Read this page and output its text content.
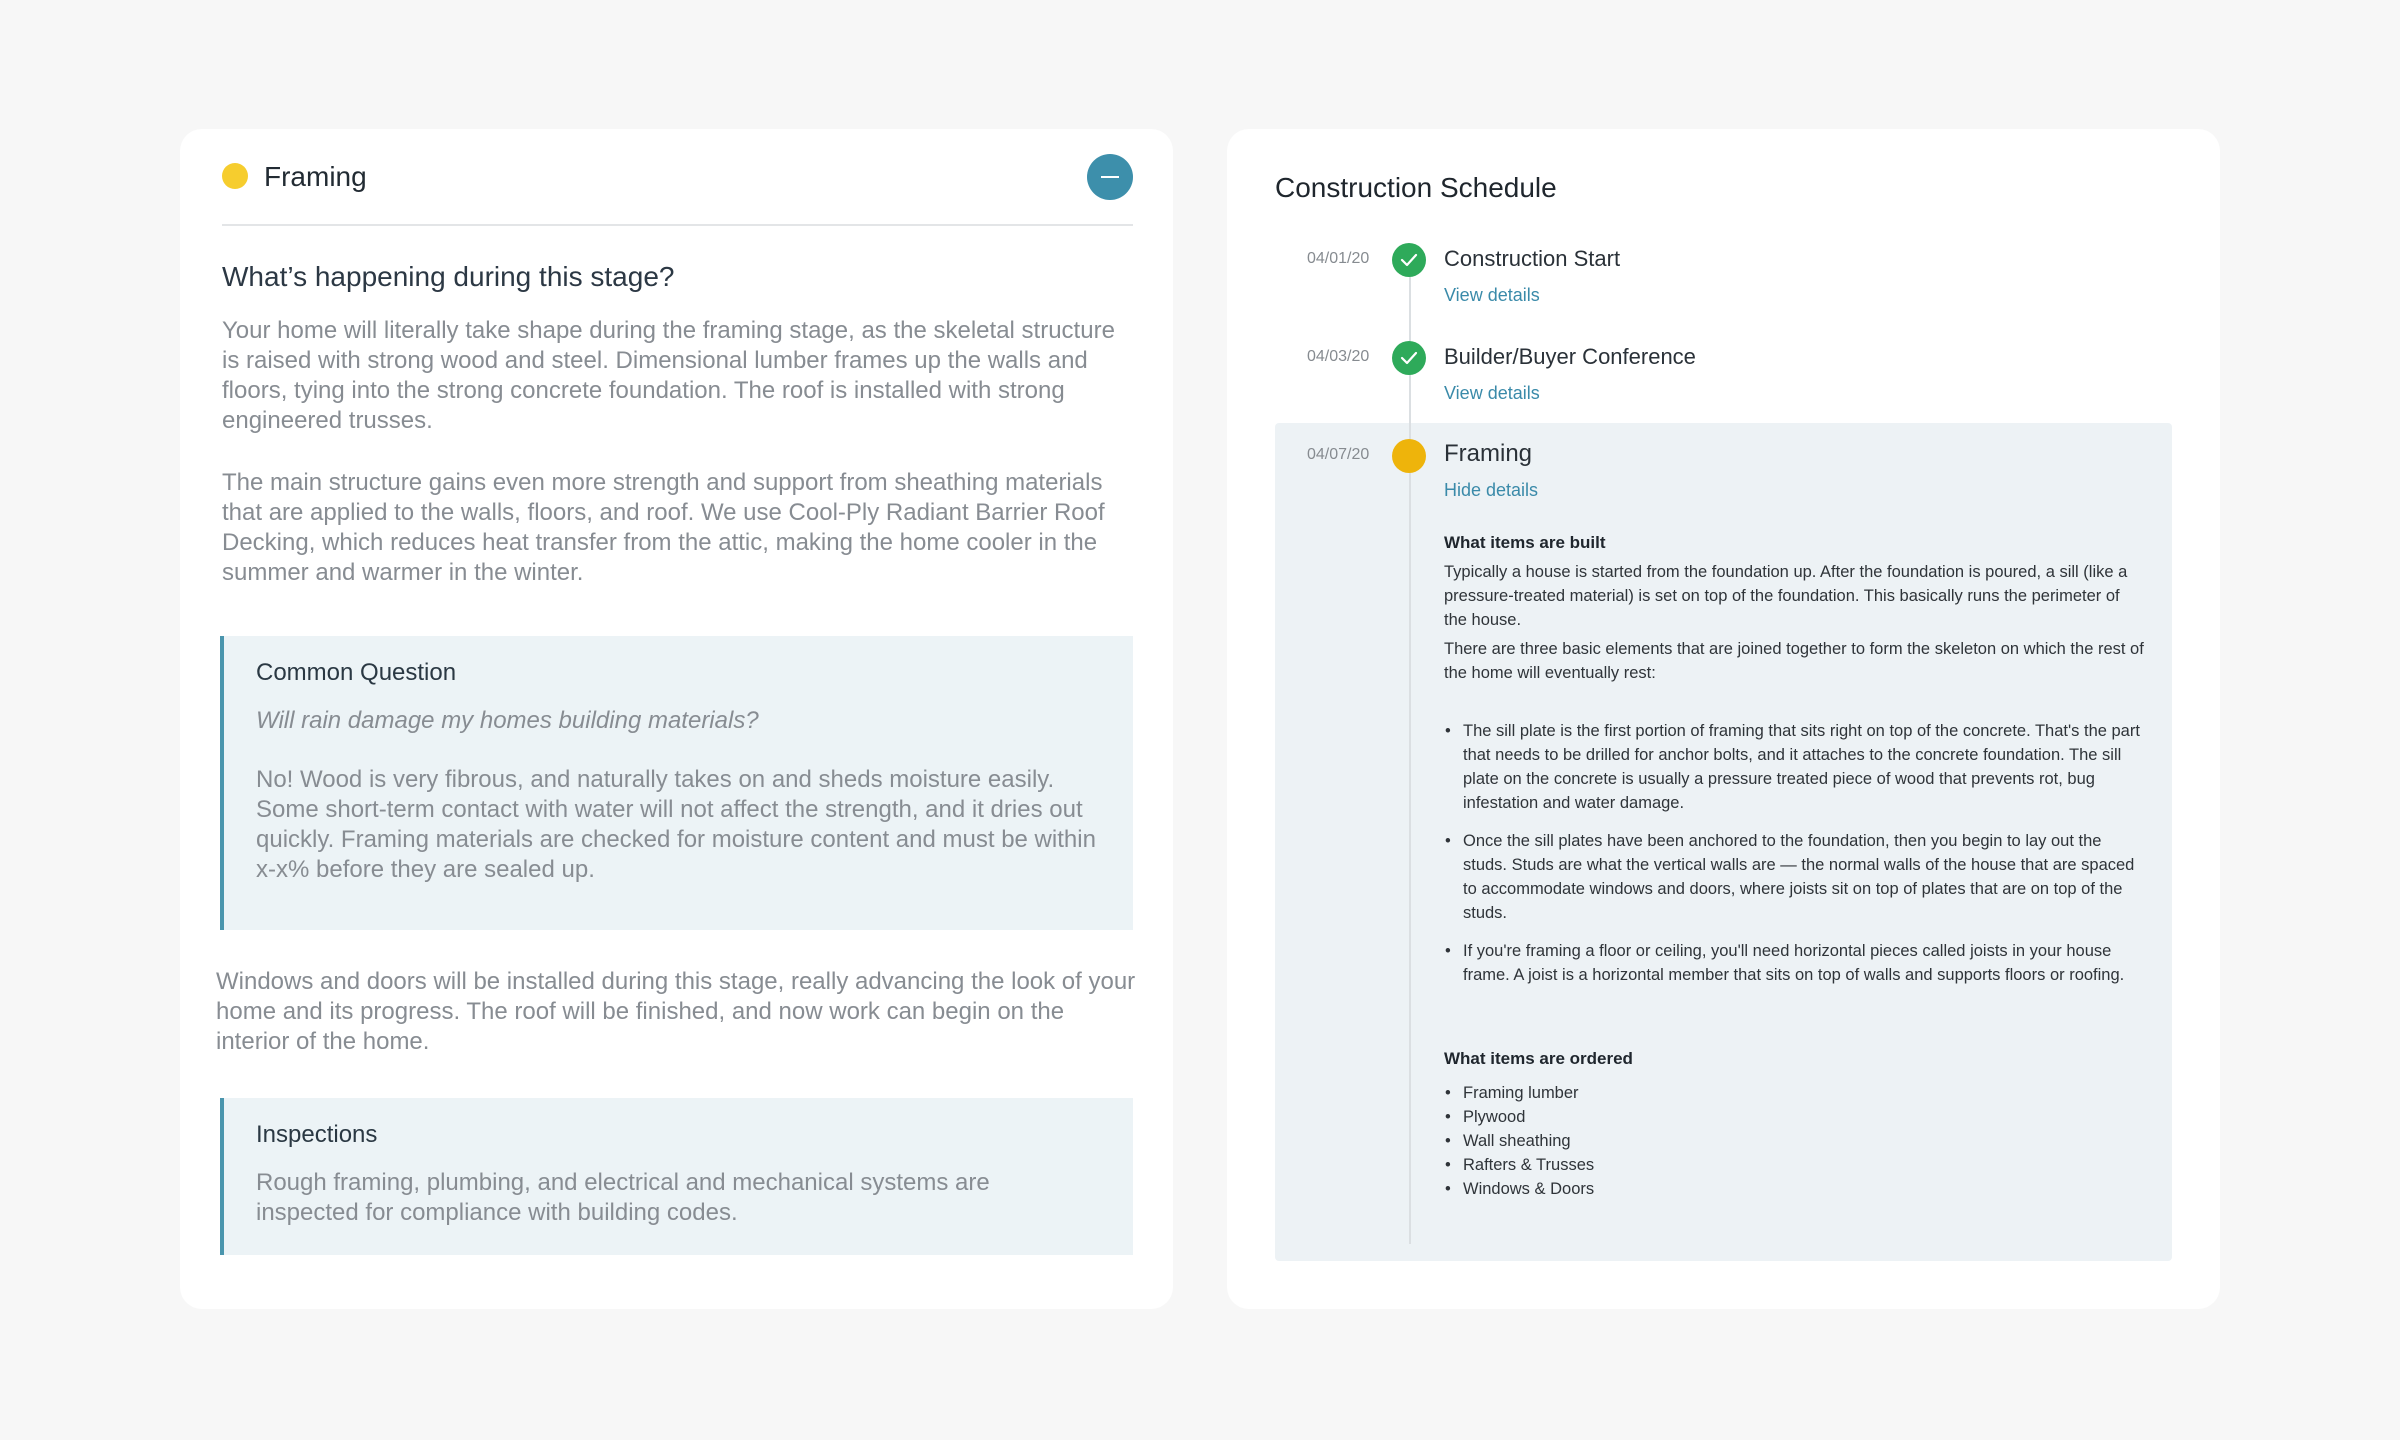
Framing
What’s happening during this stage?

Your home will literally take shape during the framing stage, as the skeletal structure is raised with strong wood and steel. Dimensional lumber frames up the walls and floors, tying into the strong concrete foundation. The roof is installed with strong engineered trusses.

The main structure gains even more strength and support from sheathing materials that are applied to the walls, floors, and roof. We use Cool-Ply Radiant Barrier Roof Decking, which reduces heat transfer from the attic, making the home cooler in the summer and warmer in the winter.

Common Question
Will rain damage my homes building materials?

No! Wood is very fibrous, and naturally takes on and sheds moisture easily. Some short-term contact with water will not affect the strength, and it dries out quickly. Framing materials are checked for moisture content and must be within x-x% before they are sealed up.

Windows and doors will be installed during this stage, really advancing the look of your home and its progress. The roof will be finished, and now work can begin on the interior of the home.

Inspections

Rough framing, plumbing, and electrical and mechanical systems are inspected for compliance with building codes.

Construction Schedule
04/01/20	Construction Start
View details
04/03/20	Builder/Buyer Conference
View details
04/07/20	Framing
Hide details
What items are built

Typically a house is started from the foundation up. After the foundation is poured, a sill (like a pressure-treated material) is set on top of the foundation. This basically runs the perimeter of the house.

There are three basic elements that are joined together to form the skeleton on which the rest of the home will eventually rest:

• The sill plate is the first portion of framing that sits right on top of the concrete. That's the part that needs to be drilled for anchor bolts, and it attaches to the concrete foundation. The sill plate on the concrete is usually a pressure treated piece of wood that prevents rot, bug infestation and water damage.
• Once the sill plates have been anchored to the foundation, then you begin to lay out the studs. Studs are what the vertical walls are — the normal walls of the house that are spaced to accommodate windows and doors, where joists sit on top of plates that are on top of the studs.
• If you're framing a floor or ceiling, you'll need horizontal pieces called joists in your house frame. A joist is a horizontal member that sits on top of walls and supports floors or roofing.
What items are ordered
• Framing lumber
• Plywood
• Wall sheathing
• Rafters & Trusses
• Windows & Doors
